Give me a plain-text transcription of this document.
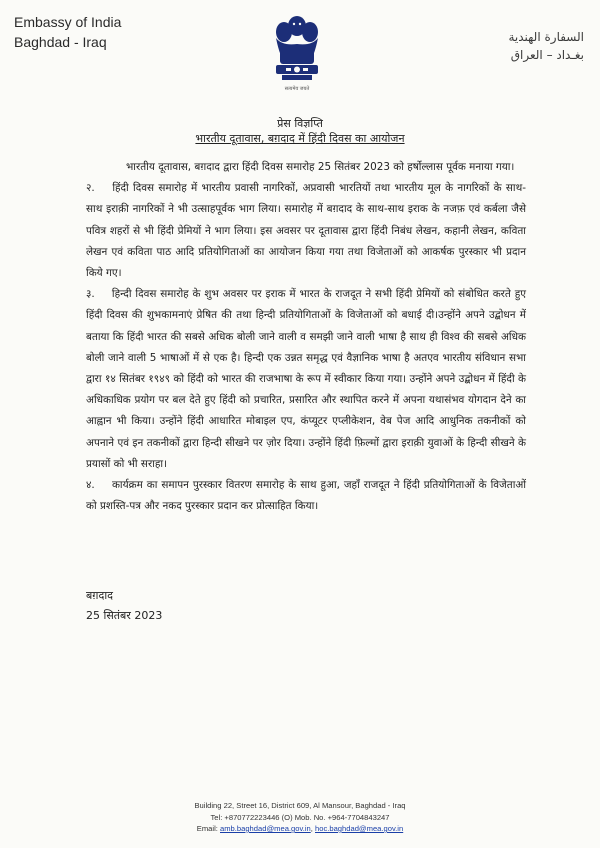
Embassy of India
Baghdad - Iraq
सत्यमेव जयते
السفارة الهندية
بغـداد – العراق
प्रेस विज्ञप्ति
भारतीय दूतावास, बग़दाद में हिंदी दिवस का आयोजन

भारतीय दूतावास, बग़दाद द्वारा हिंदी दिवस समारोह 25 सितंबर 2023 को हर्षोल्लास पूर्वक मनाया गया।

२. हिंदी दिवस समारोह में भारतीय प्रवासी नागरिकों, अप्रवासी भारतियों तथा भारतीय मूल के नागरिकों के साथ-साथ इराक़ी नागरिकों ने भी उत्साहपूर्वक भाग लिया। समारोह में बग़दाद के साथ-साथ इराक के नजफ़ एवं कर्बला जैसे पवित्र शहरों से भी हिंदी प्रेमियों ने भाग लिया। इस अवसर पर दूतावास द्वारा हिंदी निबंध लेखन, कहानी लेखन, कविता लेखन एवं कविता पाठ आदि प्रतियोगिताओं का आयोजन किया गया तथा विजेताओं को आकर्षक पुरस्कार भी प्रदान किये गए।

३. हिन्दी दिवस समारोह के शुभ अवसर पर इराक में भारत के राजदूत ने सभी हिंदी प्रेमियों को संबोधित करते हुए हिंदी दिवस की शुभकामनाएं प्रेषित की तथा हिन्दी प्रतियोगिताओं के विजेताओं को बधाई दी।उन्होंने अपने उद्बोधन में बताया कि हिंदी भारत की सबसे अधिक बोली जाने वाली व समझी जाने वाली भाषा है साथ ही विश्व की सबसे अधिक बोली जाने वाली 5 भाषाओं में से एक है। हिन्दी एक उन्नत समृद्ध एवं वैज्ञानिक भाषा है अतएव भारतीय संविधान सभा द्वारा १४ सितंबर १९४९ को हिंदी को भारत की राजभाषा के रूप में स्वीकार किया गया। उन्होंने अपने उद्बोधन में हिंदी के अधिकाधिक प्रयोग पर बल देते हुए हिंदी को प्रचारित, प्रसारित और स्थापित करने में अपना यथासंभव योगदान देने का आह्वान भी किया। उन्होंने हिंदी आधारित मोबाइल एप, कंप्यूटर एप्लीकेशन, वेब पेज आदि आधुनिक तकनीकों को अपनाने एवं इन तकनीकों द्वारा हिन्दी सीखने पर ज़ोर दिया। उन्होंने हिंदी फ़िल्मों द्वारा इराक़ी युवाओं के हिन्दी सीखने के प्रयासों को भी सराहा।

४. कार्यक्रम का समापन पुरस्कार वितरण समारोह के साथ हुआ, जहाँ राजदूत ने हिंदी प्रतियोगिताओं के विजेताओं को प्रशस्ति-पत्र और नकद पुरस्कार प्रदान कर प्रोत्साहित किया।

बग़दाद
25 सितंबर 2023
Building 22, Street 16, District 609, Al Mansour, Baghdad - Iraq
Tel: +870772223446 (O) Mob. No. +964-7704843247
Email: amb.baghdad@mea.gov.in, hoc.baghdad@mea.gov.in
